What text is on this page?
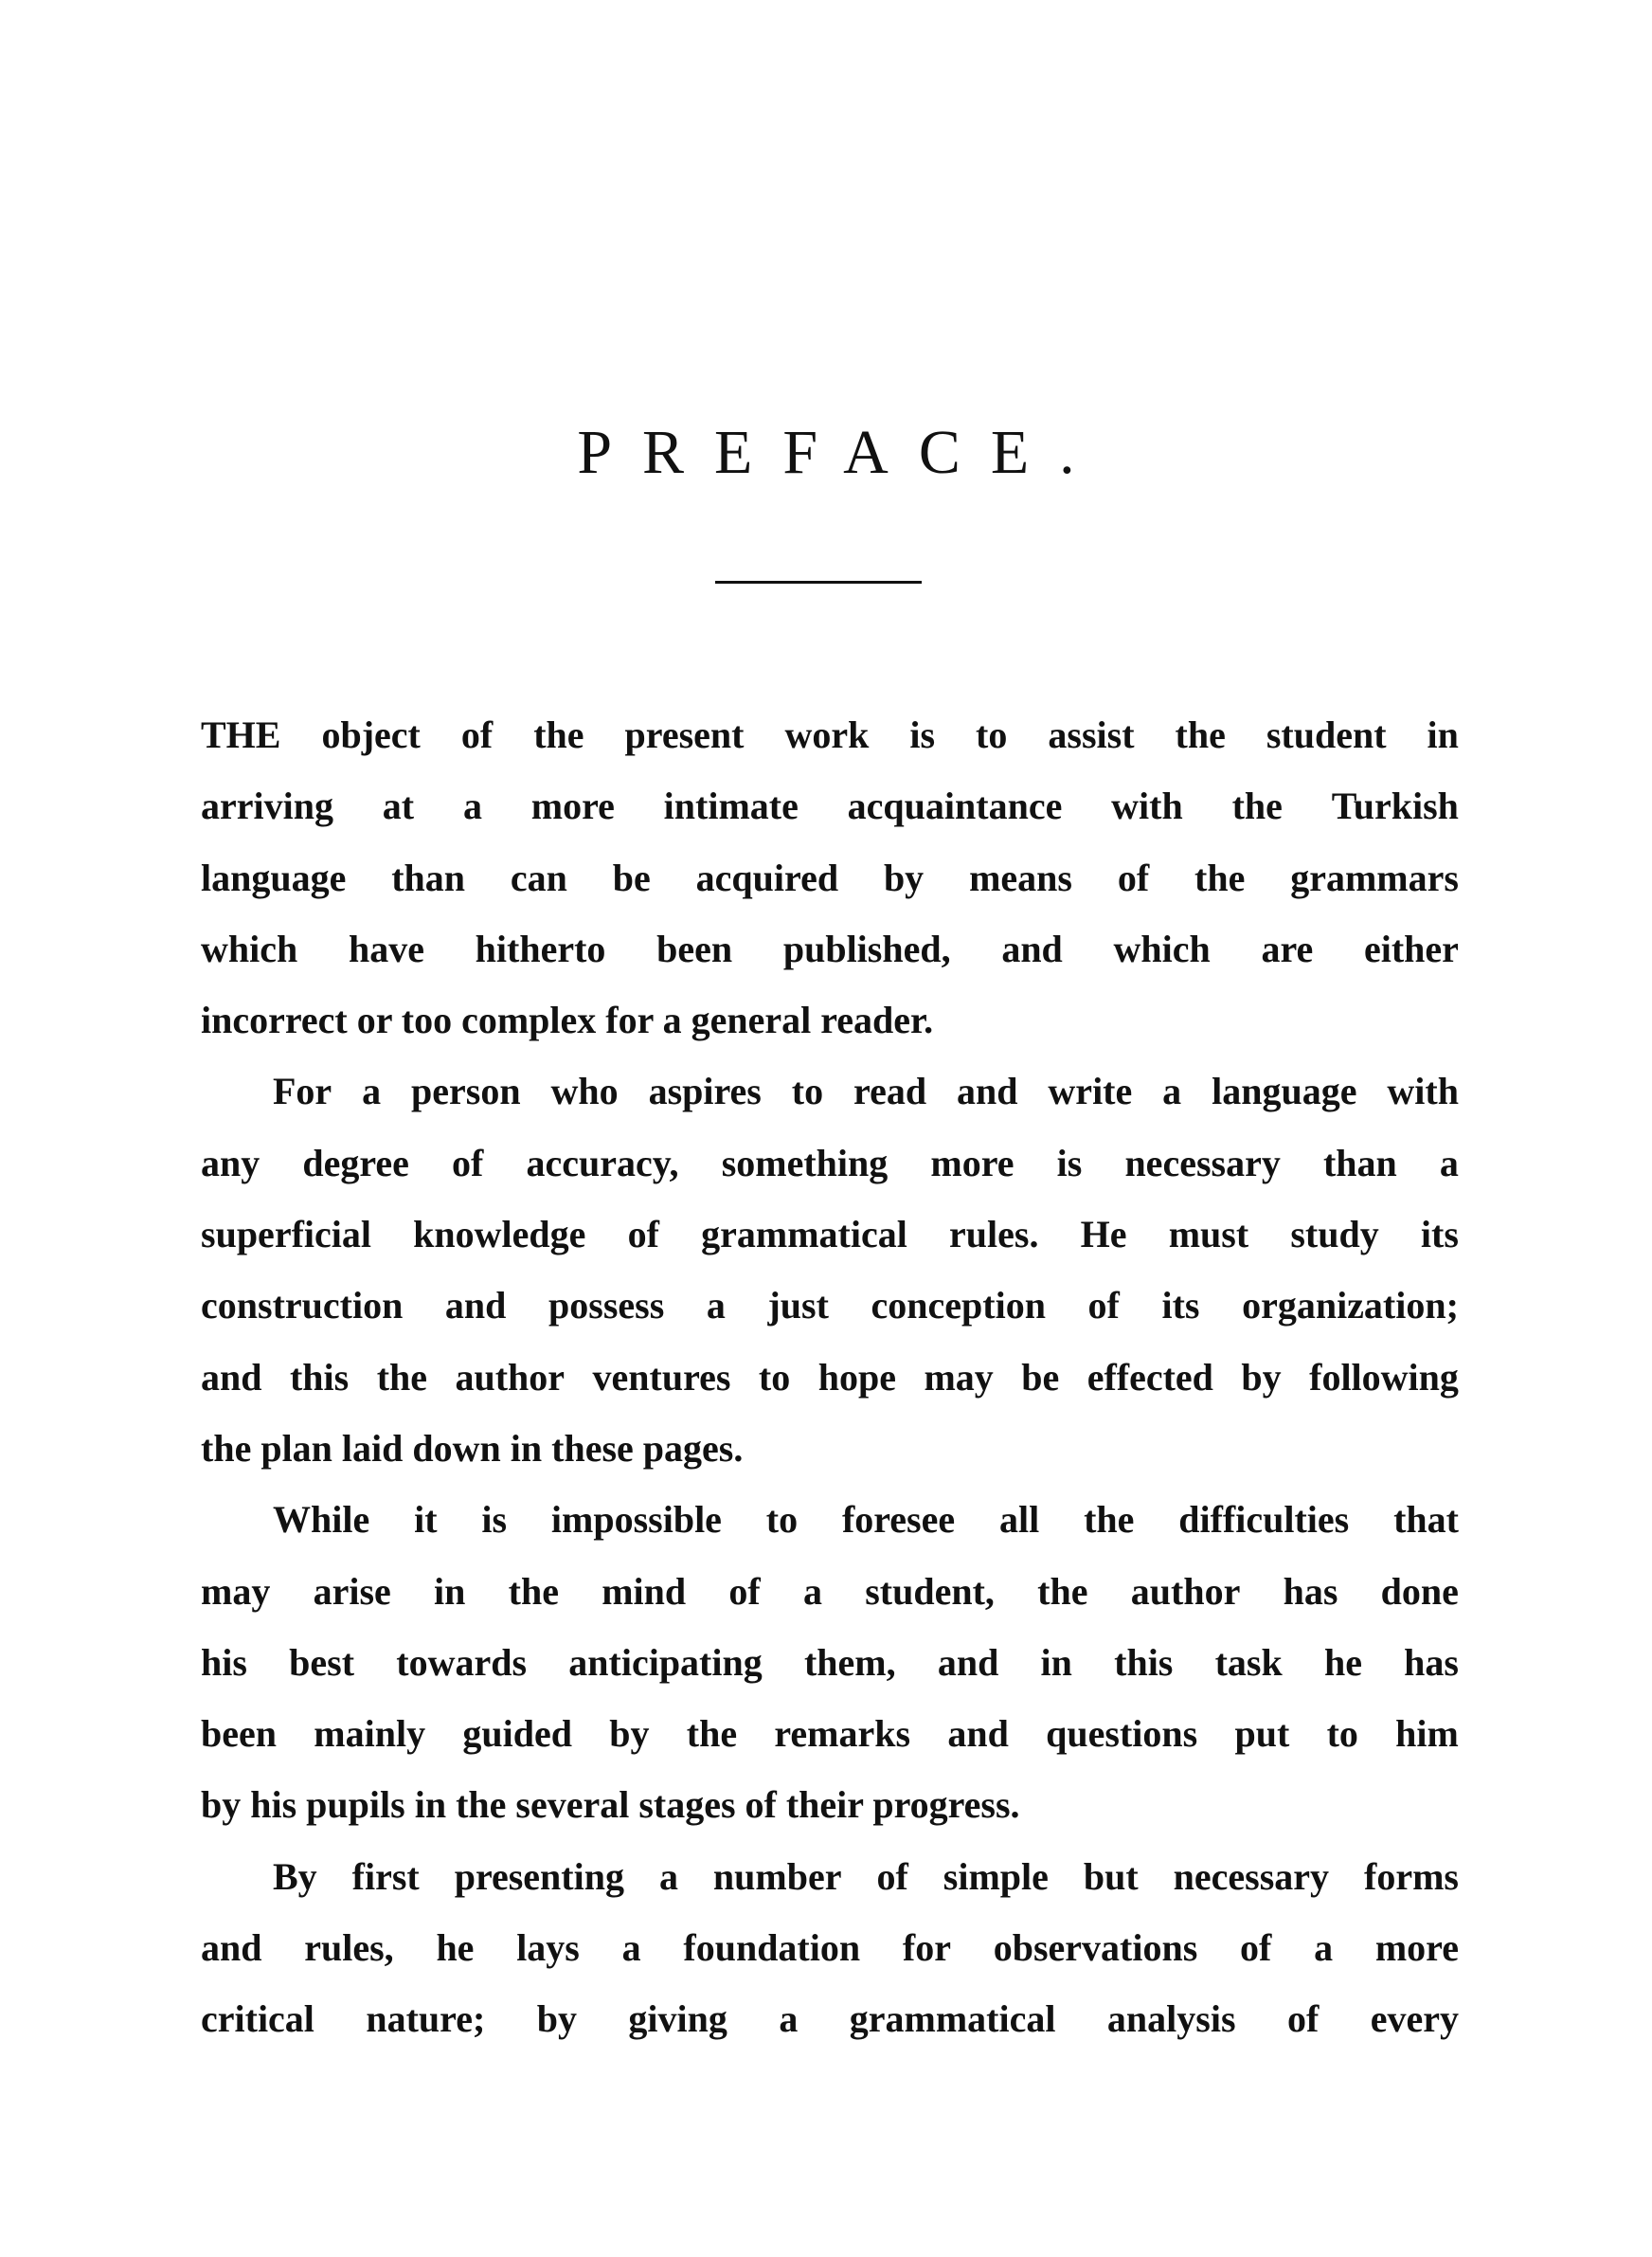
PREFACE.

THE object of the present work is to assist the student in
arriving at a more intimate acquaintance with the Turkish
language than can be acquired by means of the grammars
which have hitherto been published, and which are either
incorrect or too complex for a general reader.

For a person who aspires to read and write a language with
any degree of accuracy, something more is necessary than a
superficial knowledge of grammatical rules. He must study its
construction and possess a just conception of its organization;
and this the author ventures to hope may be effected by following
the plan laid down in these pages.

While it is impossible to foresee all the difficulties that
may arise in the mind of a student, the author has done
his best towards anticipating them, and in this task he has
been mainly guided by the remarks and questions put to him
by his pupils in the several stages of their progress.

By first presenting a number of simple but necessary forms
and rules, he lays a foundation for observations of a more
critical nature; by giving a grammatical analysis of every
